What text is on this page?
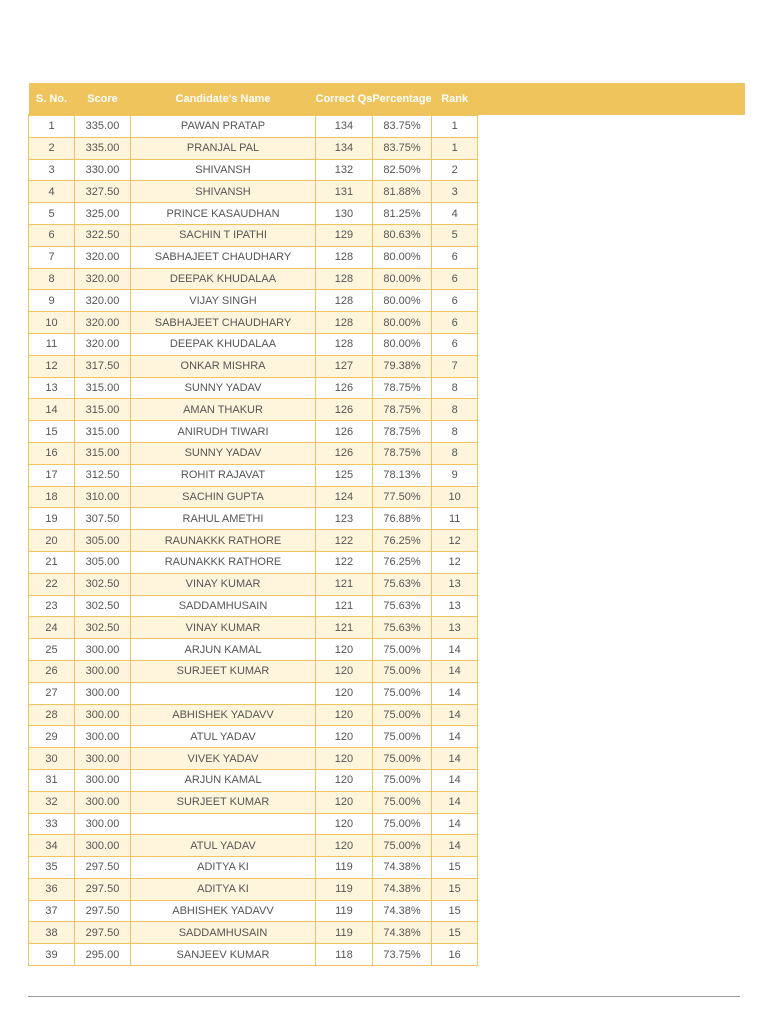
S. No.	Score	Candidate's Name	Correct Qs	Percentage	Rank	
1	335.00	PAWAN PRATAP	134	83.75%	1	
2	335.00	PRANJAL PAL	134	83.75%	1	
3	330.00	SHIVANSH	132	82.50%	2	
4	327.50	SHIVANSH	131	81.88%	3	
5	325.00	PRINCE KASAUDHAN	130	81.25%	4	
6	322.50	SACHIN T IPATHI	129	80.63%	5	
7	320.00	SABHAJEET CHAUDHARY	128	80.00%	6	
8	320.00	DEEPAK KHUDALAA	128	80.00%	6	
9	320.00	VIJAY SINGH	128	80.00%	6	
10	320.00	SABHAJEET CHAUDHARY	128	80.00%	6	
11	320.00	DEEPAK KHUDALAA	128	80.00%	6	
12	317.50	ONKAR MISHRA	127	79.38%	7	
13	315.00	SUNNY YADAV	126	78.75%	8	
14	315.00	AMAN THAKUR	126	78.75%	8	
15	315.00	ANIRUDH TIWARI	126	78.75%	8	
16	315.00	SUNNY YADAV	126	78.75%	8	
17	312.50	ROHIT RAJAVAT	125	78.13%	9	
18	310.00	SACHIN GUPTA	124	77.50%	10	
19	307.50	RAHUL AMETHI	123	76.88%	11	
20	305.00	RAUNAKKK RATHORE	122	76.25%	12	
21	305.00	RAUNAKKK RATHORE	122	76.25%	12	
22	302.50	VINAY KUMAR	121	75.63%	13	
23	302.50	SADDAMHUSAIN	121	75.63%	13	
24	302.50	VINAY KUMAR	121	75.63%	13	
25	300.00	ARJUN KAMAL	120	75.00%	14	
26	300.00	SURJEET KUMAR	120	75.00%	14	
27	300.00		120	75.00%	14	
28	300.00	ABHISHEK YADAVV	120	75.00%	14	
29	300.00	ATUL YADAV	120	75.00%	14	
30	300.00	VIVEK YADAV	120	75.00%	14	
31	300.00	ARJUN KAMAL	120	75.00%	14	
32	300.00	SURJEET KUMAR	120	75.00%	14	
33	300.00		120	75.00%	14	
34	300.00	ATUL YADAV	120	75.00%	14	
35	297.50	ADITYA KI	119	74.38%	15	
36	297.50	ADITYA KI	119	74.38%	15	
37	297.50	ABHISHEK YADAVV	119	74.38%	15	
38	297.50	SADDAMHUSAIN	119	74.38%	15	
39	295.00	SANJEEV KUMAR	118	73.75%	16	
